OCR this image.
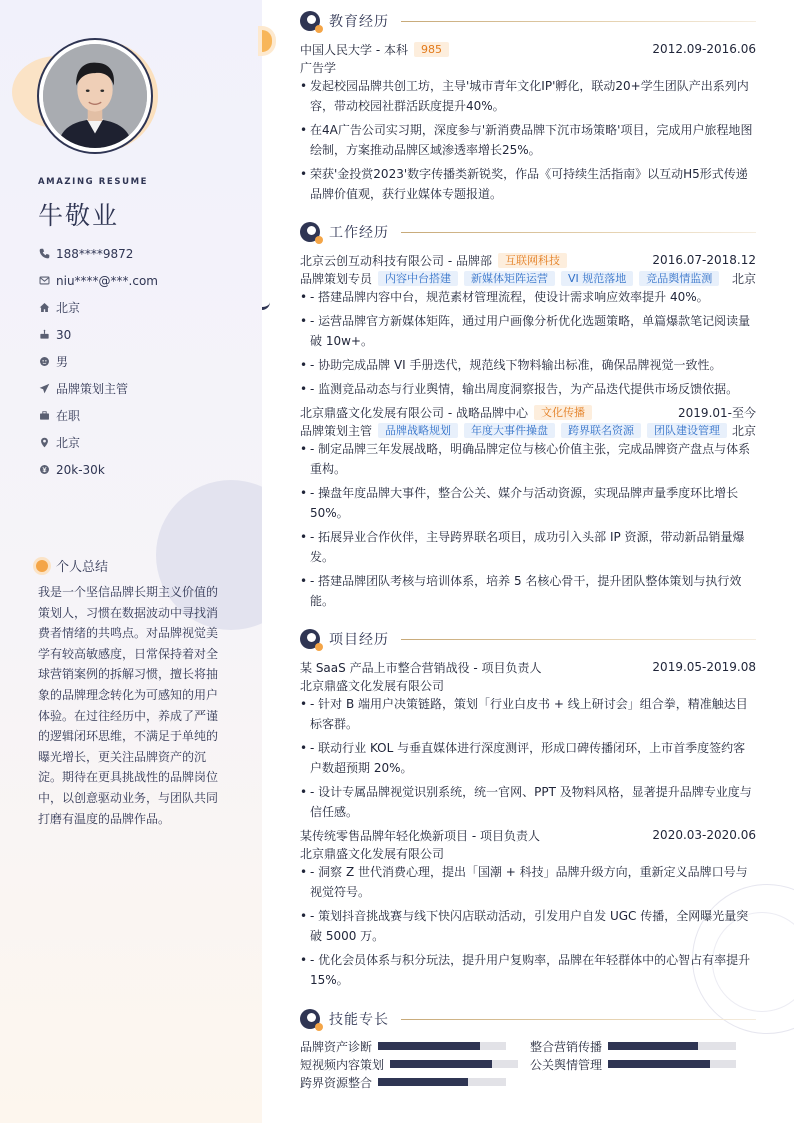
AMAZING RESUME
牛敬业
188****9872
niu****@***.com
北京
30
男
品牌策划主管
在职
北京
20k-30k
个人总结
我是一个坚信品牌长期主义价值的策划人，习惯在数据波动中寻找消费者情绪的共鸣点。对品牌视觉美学有较高敏感度，日常保持着对全球营销案例的拆解习惯，擅长将抽象的品牌理念转化为可感知的用户体验。在过往经历中，养成了严谨的逻辑闭环思维，不满足于单纯的曝光增长，更关注品牌资产的沉淀。期待在更具挑战性的品牌岗位中，以创意驱动业务，与团队共同打磨有温度的品牌作品。
教育经历
中国人民大学 - 本科	985	2012.09-2016.06
广告学
• 发起校园品牌共创工坊，主导'城市青年文化IP'孵化，联动20+学生团队产出系列内容，带动校园社群活跃度提升40%。
• 在4A广告公司实习期，深度参与'新消费品牌下沉市场策略'项目，完成用户旅程地图绘制，方案推动品牌区域渗透率增长25%。
• 荣获'金投赏2023'数字传播类新锐奖，作品《可持续生活指南》以互动H5形式传递品牌价值观，获行业媒体专题报道。
工作经历
北京云创互动科技有限公司 - 品牌部	互联网科技	2016.07-2018.12
品牌策划专员	内容中台搭建	新媒体矩阵运营	VI 规范落地	竞品舆情监测	北京
• - 搭建品牌内容中台，规范素材管理流程，使设计需求响应效率提升 40%。
• - 运营品牌官方新媒体矩阵，通过用户画像分析优化选题策略，单篇爆款笔记阅读量破 10w+。
• - 协助完成品牌 VI 手册迭代，规范线下物料输出标准，确保品牌视觉一致性。
• - 监测竞品动态与行业舆情，输出周度洞察报告，为产品迭代提供市场反馈依据。
北京鼎盛文化发展有限公司 - 战略品牌中心	文化传播	2019.01-至今
品牌策划主管	品牌战略规划	年度大事件操盘	跨界联名资源	团队建设管理 北京
• - 制定品牌三年发展战略，明确品牌定位与核心价值主张，完成品牌资产盘点与体系重构。
• - 操盘年度品牌大事件，整合公关、媒介与活动资源，实现品牌声量季度环比增长 50%。
• - 拓展异业合作伙伴，主导跨界联名项目，成功引入头部 IP 资源，带动新品销量爆发。
• - 搭建品牌团队考核与培训体系，培养 5 名核心骨干，提升团队整体策划与执行效能。
项目经历
某 SaaS 产品上市整合营销战役 - 项目负责人	2019.05-2019.08
北京鼎盛文化发展有限公司
• - 针对 B 端用户决策链路，策划「行业白皮书 + 线上研讨会」组合拳，精准触达目标客群。
• - 联动行业 KOL 与垂直媒体进行深度测评，形成口碑传播闭环，上市首季度签约客户数超预期 20%。
• - 设计专属品牌视觉识别系统，统一官网、PPT 及物料风格，显著提升品牌专业度与信任感。
某传统零售品牌年轻化焕新项目 - 项目负责人	2020.03-2020.06
北京鼎盛文化发展有限公司
• - 洞察 Z 世代消费心理，提出「国潮 + 科技」品牌升级方向，重新定义品牌口号与视觉符号。
• - 策划抖音挑战赛与线下快闪店联动活动，引发用户自发 UGC 传播，全网曝光量突破 5000 万。
• - 优化会员体系与积分玩法，提升用户复购率，品牌在年轻群体中的心智占有率提升 15%。
技能专长
品牌资产诊断	整合营销传播
短视频内容策划	公关舆情管理
跨界资源整合
